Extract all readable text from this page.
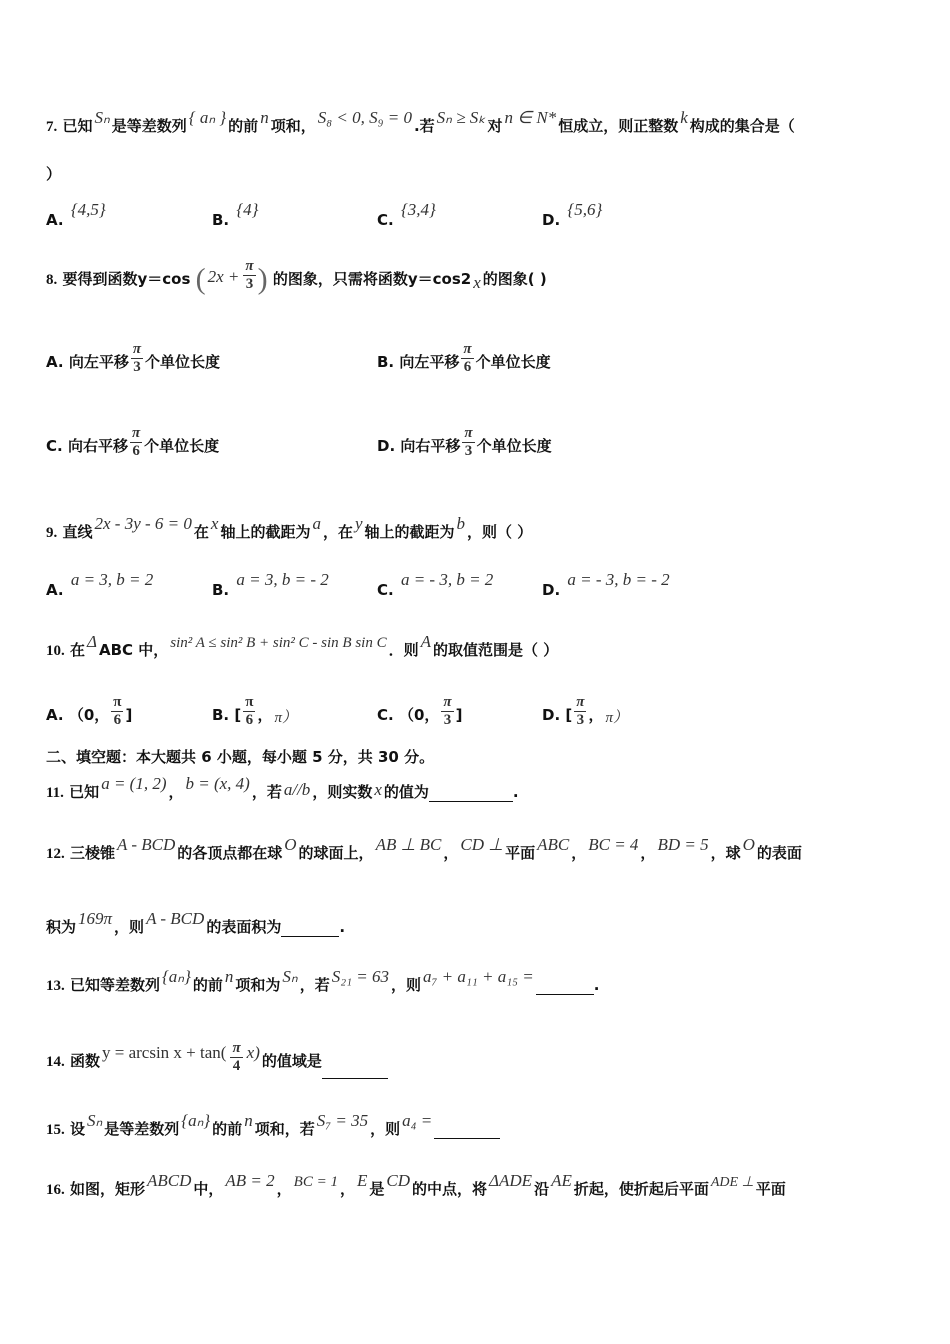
7. 已知 Sₙ 是等差数列 { aₙ } 的前 n 项和， S₈ < 0, S₉ = 0 .若 Sₙ ≥ Sₖ 对 n ∈ N* 恒成立，则正整数 k 构成的集合是（
）
A. {4,5}
B. {4}
C. {3,4}
D. {5,6}
8. 要得到函数y＝cos ( $2x + \frac{\pi}{3}$ ) 的图象，只需将函数y＝cos2 x 的图象( )
A. 向左平移 $\frac{\pi}{3}$ 个单位长度	B. 向左平移 $\frac{\pi}{6}$ 个单位长度
C. 向右平移 $\frac{\pi}{6}$ 个单位长度	D. 向右平移 $\frac{\pi}{3}$ 个单位长度
9. 直线 2x - 3y - 6 = 0 在 x 轴上的截距为 a ，在 y 轴上的截距为 b ，则（ ）
A. a = 3, b = 2
B. a = 3, b = - 2
C. a = - 3, b = 2
D. a = - 3, b = - 2
10. 在 Δ ABC 中， sin² A ≤ sin² B + sin² C - sin B sin C ．则 A 的取值范围是（ ）
A. （0， $\frac{\pi}{6}$ ]	B. [ $\frac{\pi}{6}$ ， π）	C. （0， $\frac{\pi}{3}$ ]	D. [ $\frac{\pi}{3}$ ， π）
二、填空题：本大题共 6 小题，每小题 5 分，共 30 分。
11. 已知 a = (1, 2) ， b = (x, 4) ，若 a//b ，则实数 x 的值为	.
12. 三棱锥 A - BCD 的各顶点都在球 O 的球面上， AB ⊥ BC ， CD ⊥ 平面 ABC ， BC = 4 ， BD = 5 ，球 O 的表面
积为 169π ，则 A - BCD 的表面积为	.
13. 已知等差数列 {aₙ} 的前 n 项和为 Sₙ ，若 S₂₁ = 63 ，则 a₇ + a₁₁ + a₁₅ =	.
14. 函数 $y = \arcsin x + \tan( \frac{\pi}{4} x)$ 的值域是
15. 设 Sₙ 是等差数列 {aₙ} 的前 n 项和，若 S₇ = 35 ，则 a₄ =
16. 如图，矩形 ABCD 中， AB = 2 ， BC = 1 ， E 是 CD 的中点，将 ΔADE 沿 AE 折起，使折起后平面 ADE ⊥ 平面
